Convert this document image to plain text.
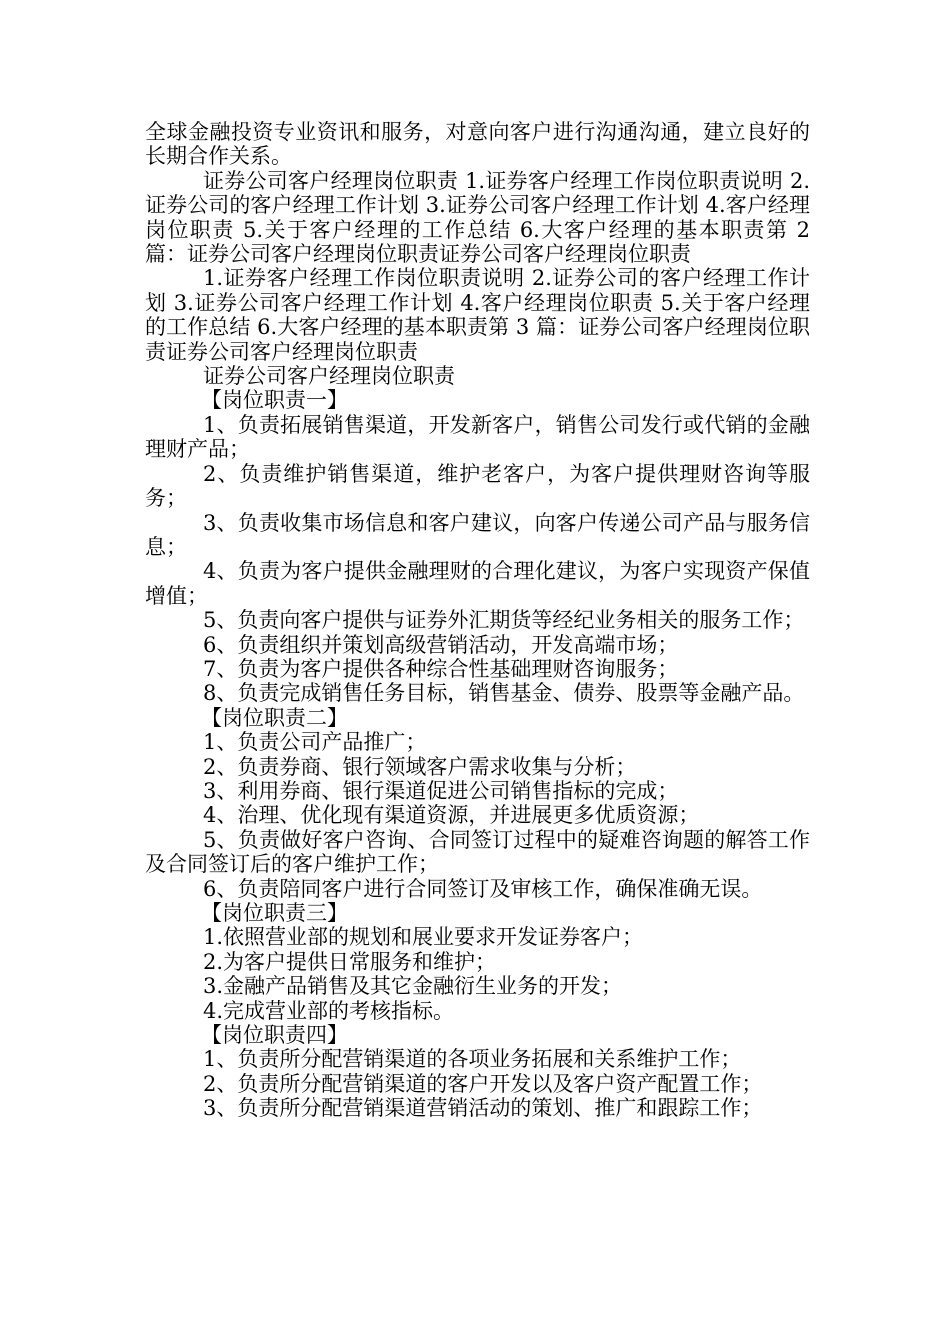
全球金融投资专业资讯和服务，对意向客户进行沟通沟通，建立良好的长期合作关系。

证券公司客户经理岗位职责 1.证券客户经理工作岗位职责说明 2.证券公司的客户经理工作计划 3.证券公司客户经理工作计划 4.客户经理岗位职责 5.关于客户经理的工作总结 6.大客户经理的基本职责第 2 篇：证券公司客户经理岗位职责证券公司客户经理岗位职责

1.证券客户经理工作岗位职责说明 2.证券公司的客户经理工作计划 3.证券公司客户经理工作计划 4.客户经理岗位职责 5.关于客户经理的工作总结 6.大客户经理的基本职责第 3 篇：证券公司客户经理岗位职责证券公司客户经理岗位职责

证券公司客户经理岗位职责

【岗位职责一】

1、负责拓展销售渠道，开发新客户，销售公司发行或代销的金融理财产品；

2、负责维护销售渠道，维护老客户，为客户提供理财咨询等服务；

3、负责收集市场信息和客户建议，向客户传递公司产品与服务信息；

4、负责为客户提供金融理财的合理化建议，为客户实现资产保值增值；

5、负责向客户提供与证券外汇期货等经纪业务相关的服务工作；

6、负责组织并策划高级营销活动，开发高端市场；

7、负责为客户提供各种综合性基础理财咨询服务；

8、负责完成销售任务目标，销售基金、债券、股票等金融产品。

【岗位职责二】

1、负责公司产品推广；

2、负责券商、银行领域客户需求收集与分析；

3、利用券商、银行渠道促进公司销售指标的完成；

4、治理、优化现有渠道资源，并进展更多优质资源；

5、负责做好客户咨询、合同签订过程中的疑难咨询题的解答工作及合同签订后的客户维护工作；

6、负责陪同客户进行合同签订及审核工作，确保准确无误。

【岗位职责三】

1.依照营业部的规划和展业要求开发证券客户；

2.为客户提供日常服务和维护；

3.金融产品销售及其它金融衍生业务的开发；

4.完成营业部的考核指标。

【岗位职责四】

1、负责所分配营销渠道的各项业务拓展和关系维护工作；

2、负责所分配营销渠道的客户开发以及客户资产配置工作；

3、负责所分配营销渠道营销活动的策划、推广和跟踪工作；
